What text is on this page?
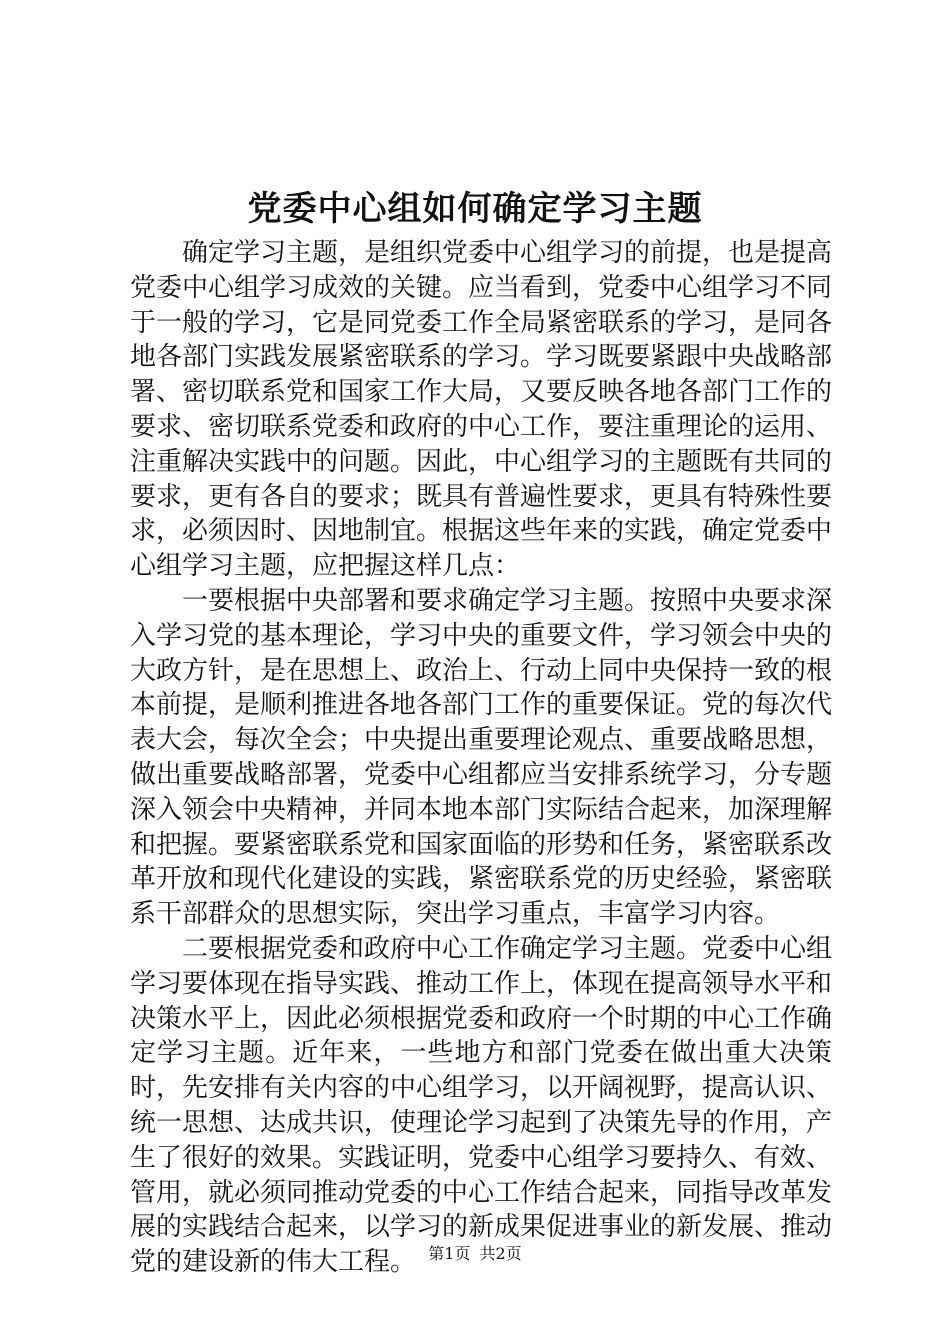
党委中心组如何确定学习主题

确定学习主题，是组织党委中心组学习的前提，也是提高党委中心组学习成效的关键。应当看到，党委中心组学习不同于一般的学习，它是同党委工作全局紧密联系的学习，是同各地各部门实践发展紧密联系的学习。学习既要紧跟中央战略部署、密切联系党和国家工作大局，又要反映各地各部门工作的要求、密切联系党委和政府的中心工作，要注重理论的运用、注重解决实践中的问题。因此，中心组学习的主题既有共同的要求，更有各自的要求；既具有普遍性要求，更具有特殊性要求，必须因时、因地制宜。根据这些年来的实践，确定党委中心组学习主题，应把握这样几点：

一要根据中央部署和要求确定学习主题。按照中央要求深入学习党的基本理论，学习中央的重要文件，学习领会中央的大政方针，是在思想上、政治上、行动上同中央保持一致的根本前提，是顺利推进各地各部门工作的重要保证。党的每次代表大会，每次全会；中央提出重要理论观点、重要战略思想，做出重要战略部署，党委中心组都应当安排系统学习，分专题深入领会中央精神，并同本地本部门实际结合起来，加深理解和把握。要紧密联系党和国家面临的形势和任务，紧密联系改革开放和现代化建设的实践，紧密联系党的历史经验，紧密联系干部群众的思想实际，突出学习重点，丰富学习内容。

二要根据党委和政府中心工作确定学习主题。党委中心组学习要体现在指导实践、推动工作上，体现在提高领导水平和决策水平上，因此必须根据党委和政府一个时期的中心工作确定学习主题。近年来，一些地方和部门党委在做出重大决策时，先安排有关内容的中心组学习，以开阔视野，提高认识、统一思想、达成共识，使理论学习起到了决策先导的作用，产生了很好的效果。实践证明，党委中心组学习要持久、有效、管用，就必须同推动党委的中心工作结合起来，同指导改革发展的实践结合起来，以学习的新成果促进事业的新发展、推动党的建设新的伟大工程。 第1页 共2页
